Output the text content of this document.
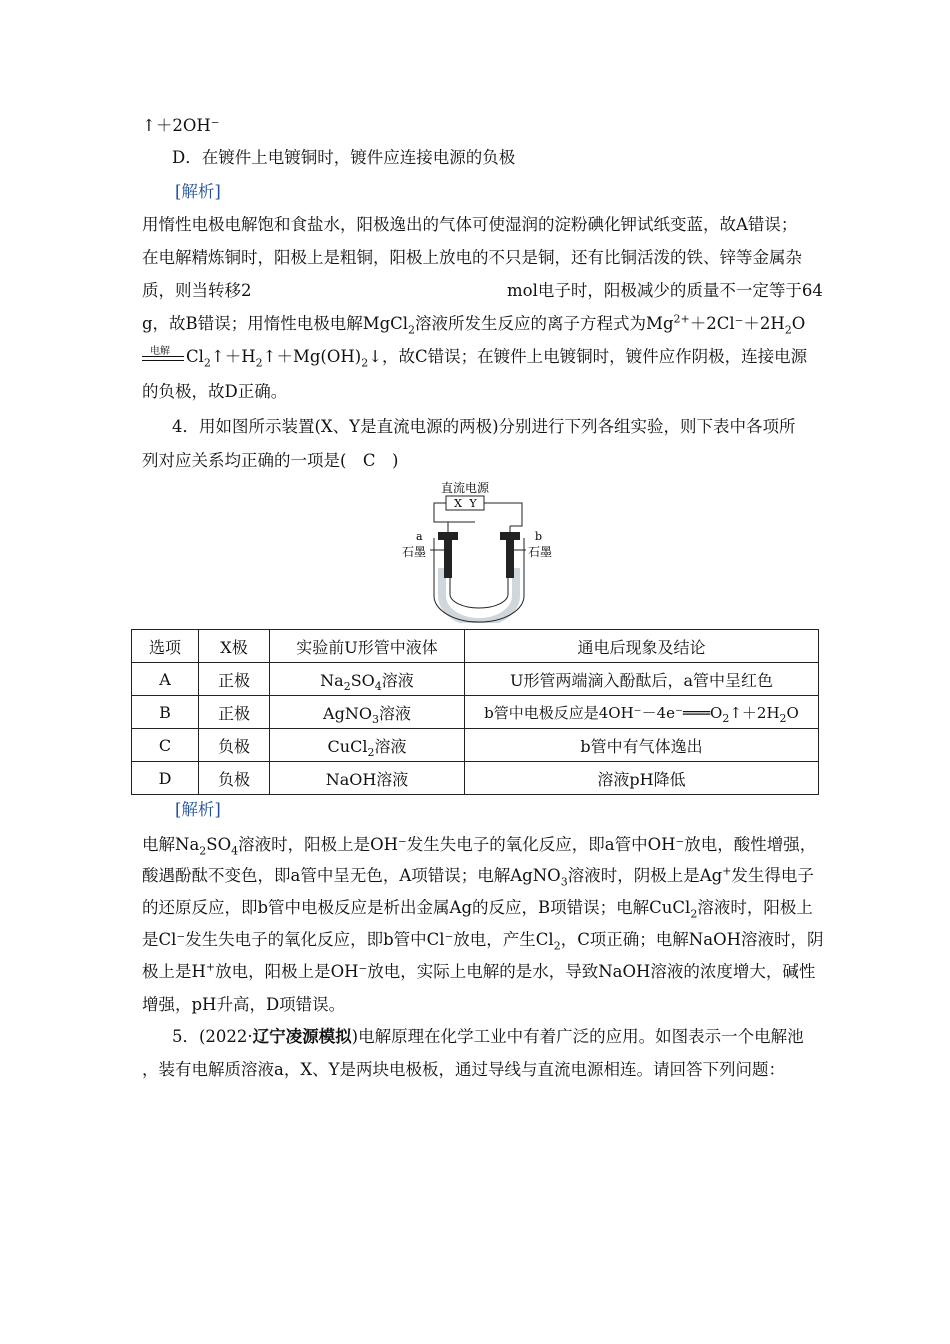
↑＋2OH⁻
D．在镀件上电镀铜时，镀件应连接电源的负极
[解析]
用惰性电极电解饱和食盐水，阳极逸出的气体可使湿润的淀粉碘化钾试纸变蓝，故A错误；
在电解精炼铜时，阳极上是粗铜，阳极上放电的不只是铜，还有比铜活泼的铁、锌等金属杂
质，则当转移2	mol电子时，阳极减少的质量不一定等于64
g，故B错误；用惰性电极电解MgCl$_2$溶液所发生反应的离子方程式为$Mg^{2+}+2Cl^-+2H_2O$
电解 $Cl_2↑+H_2↑+Mg(OH)_2↓$，故C错误；在镀件上电镀铜时，镀件应作阴极，连接电源
的负极，故D正确。
4．用如图所示装置(X、Y是直流电源的两极)分别进行下列各组实验，则下表中各项所
列对应关系均正确的一项是(　C　)
直流电源
X Y
a	b
石墨	石墨
选项	X极	实验前U形管中液体	通电后现象及结论
A	正极	$Na_2SO_4$溶液	U形管两端滴入酚酞后，a管中呈红色
B	正极	AgNO$_3$溶液	b管中电极反应是$4OH^--4e^-═══O_2↑+2H_2O$
C	负极	CuCl$_2$溶液	b管中有气体逸出
D	负极	NaOH溶液	溶液pH降低
[解析]
电解$Na_2SO_4$溶液时，阳极上是OH⁻发生失电子的氧化反应，即a管中OH⁻放电，酸性增强，
酸遇酚酞不变色，即a管中呈无色，A项错误；电解AgNO$_3$溶液时，阴极上是Ag+发生得电子
的还原反应，即b管中电极反应是析出金属Ag的反应，B项错误；电解CuCl$_2$溶液时，阳极上
是Cl⁻发生失电子的氧化反应，即b管中Cl⁻放电，产生$Cl_2$，C项正确；电解NaOH溶液时，阴
极上是H+放电，阳极上是OH⁻放电，实际上电解的是水，导致NaOH溶液的浓度增大，碱性
增强，pH升高，D项错误。
5．(2022·辽宁凌源模拟)电解原理在化学工业中有着广泛的应用。如图表示一个电解池
，装有电解质溶液a，X、Y是两块电极板，通过导线与直流电源相连。请回答下列问题：
